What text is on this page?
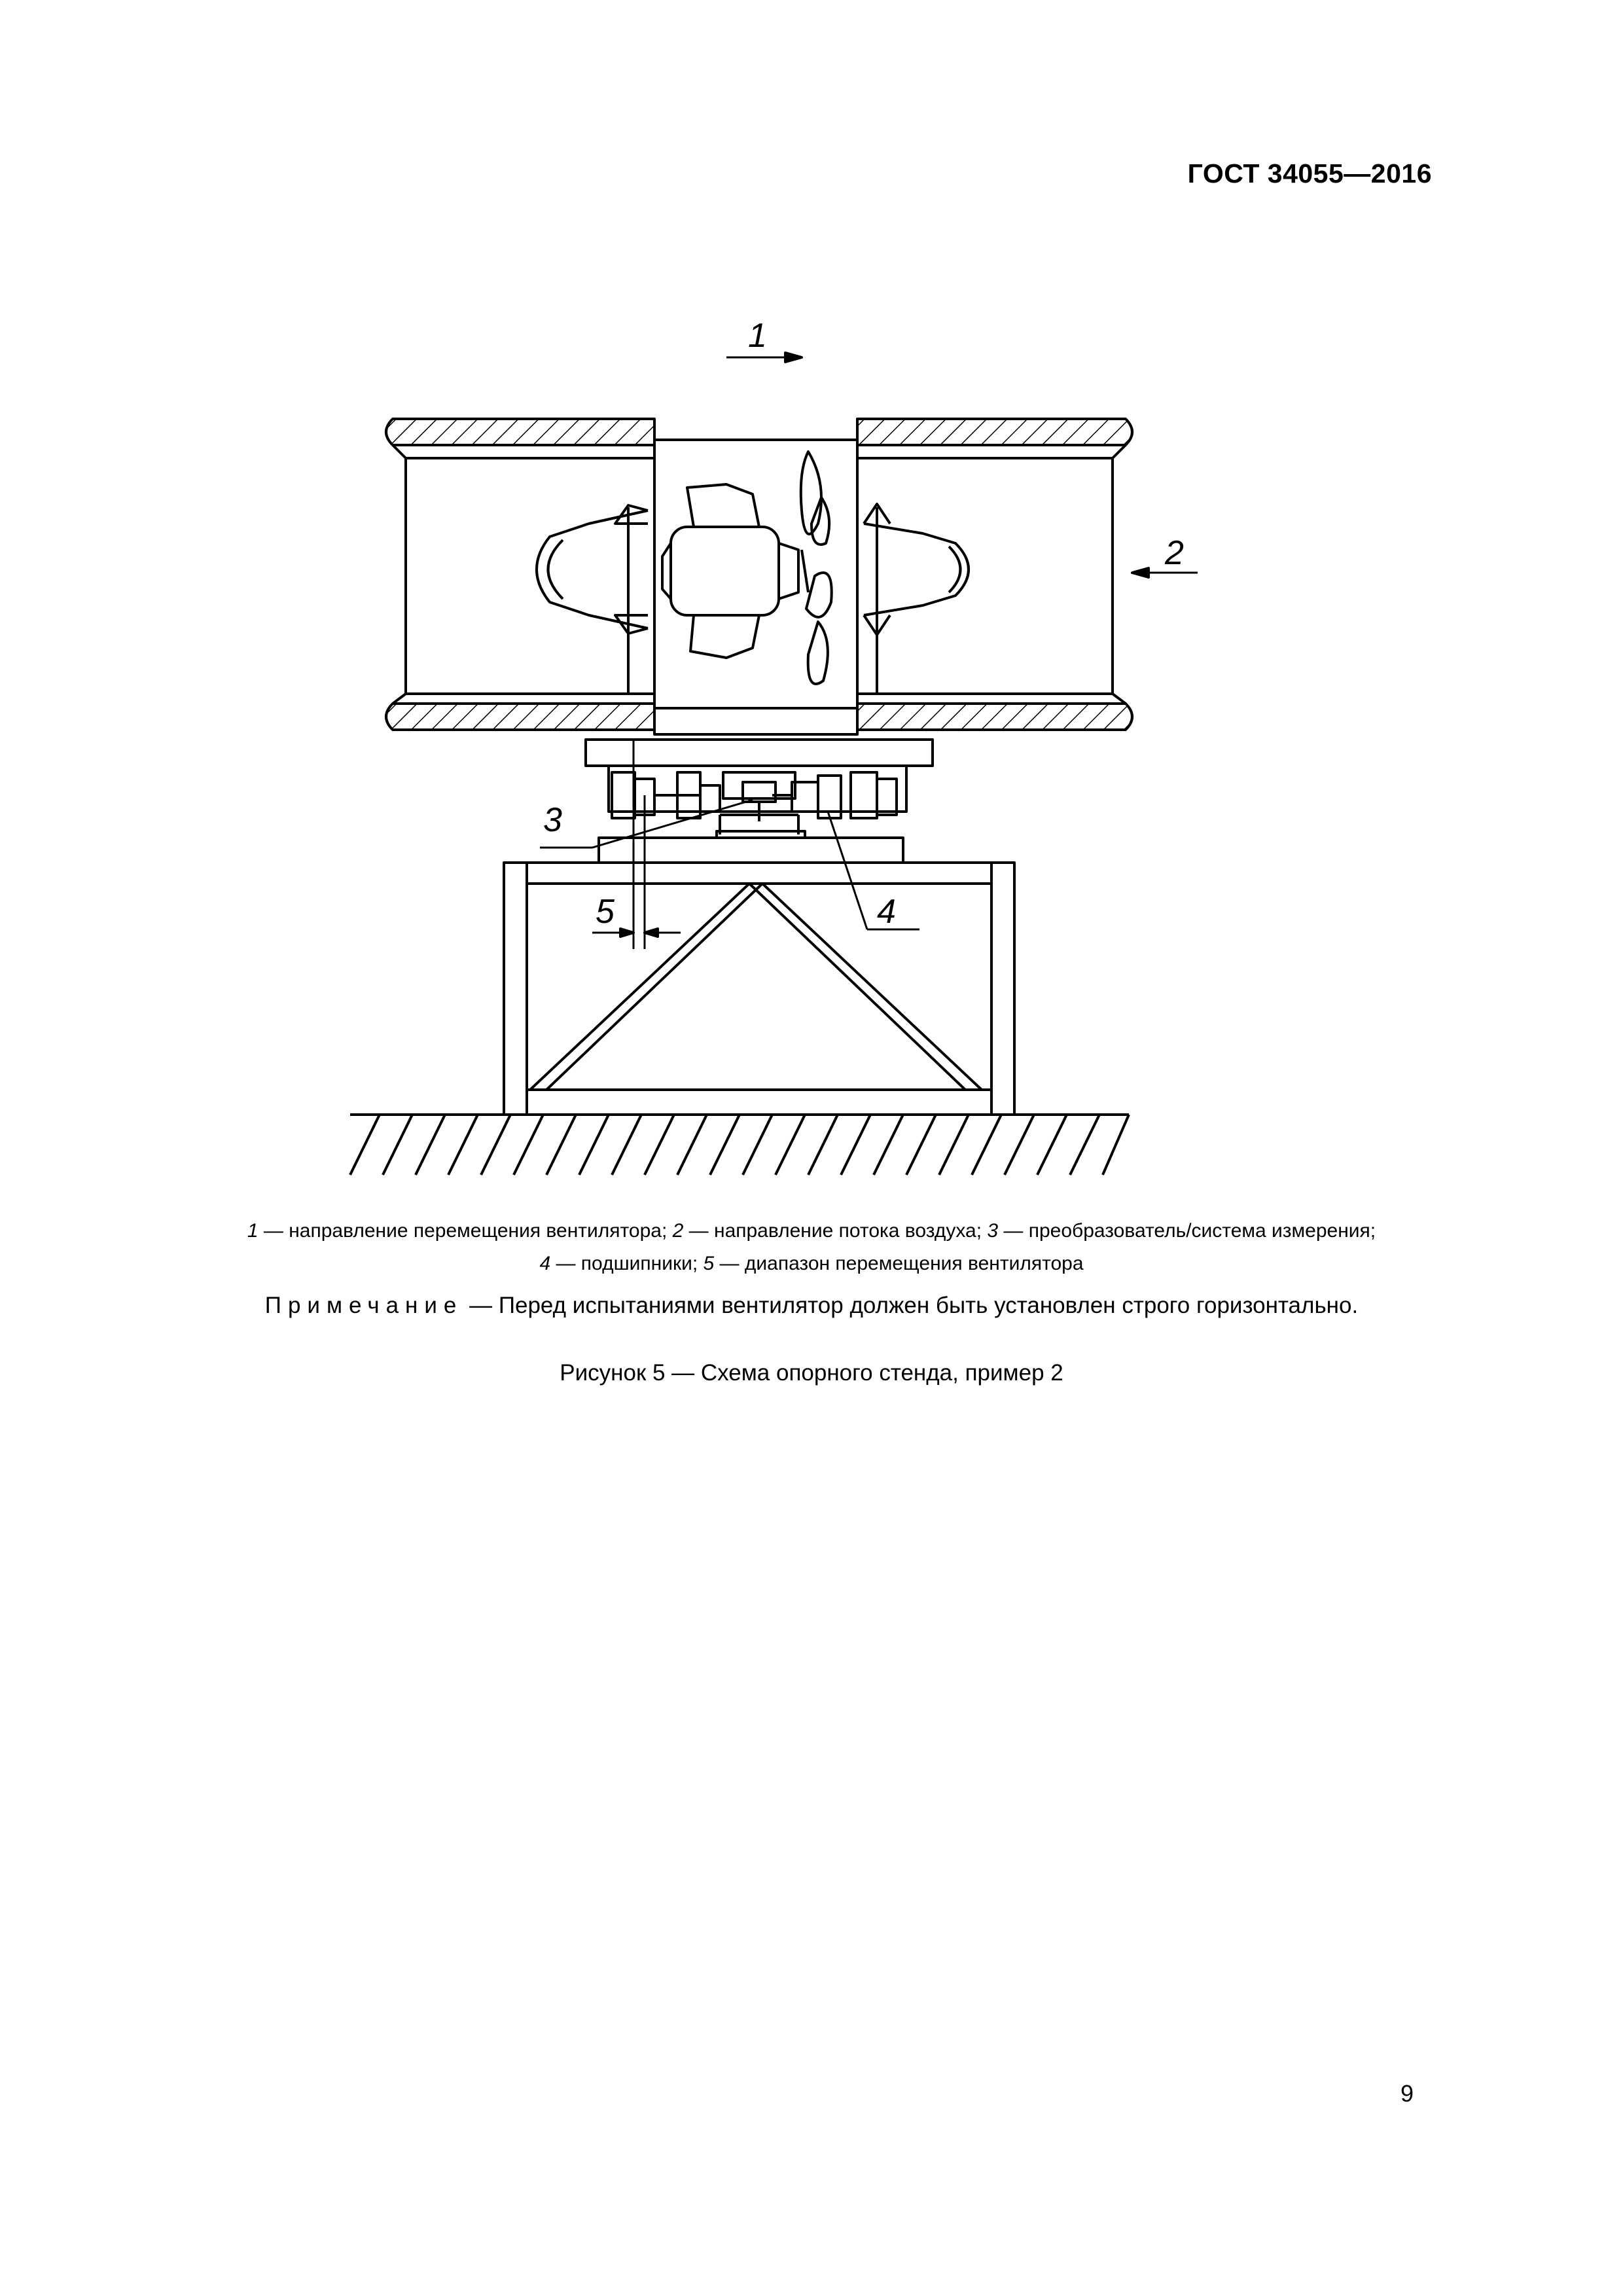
ГОСТ 34055—2016
1
2
3
4
5
1 — направление перемещения вентилятора; 2 — направление потока воздуха; 3 — преобразователь/система измерения;
4 — подшипники; 5 — диапазон перемещения вентилятора
Примечание — Перед испытаниями вентилятор должен быть установлен строго горизонтально.
Рисунок 5 — Схема опорного стенда, пример 2
9
